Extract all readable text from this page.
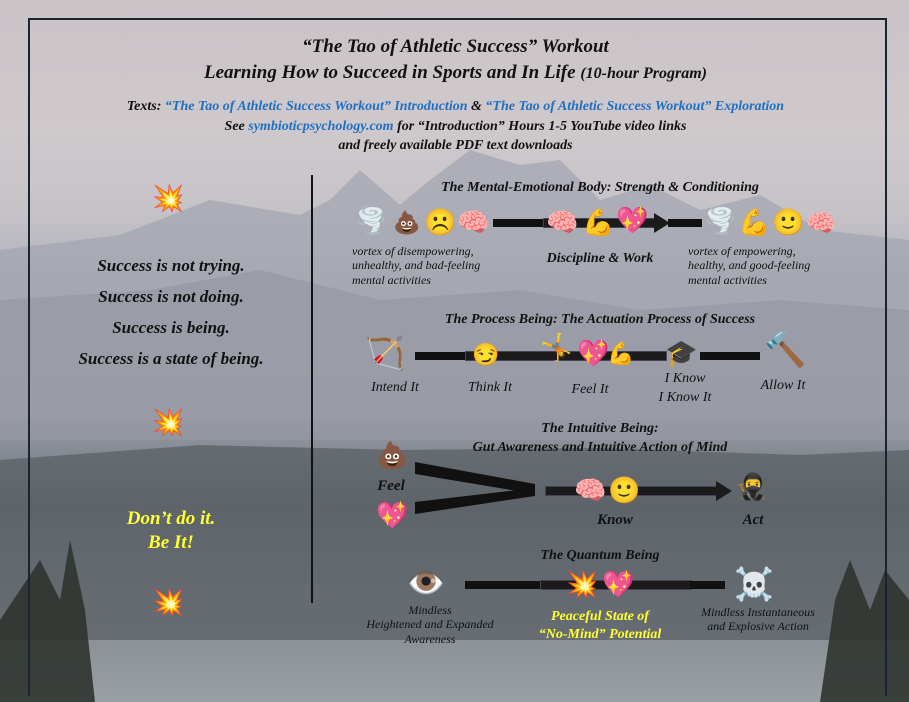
“The Tao of Athletic Success” Workout
Learning How to Succeed in Sports and In Life (10-hour Program)
Texts: “The Tao of Athletic Success Workout” Introduction & “The Tao of Athletic Success Workout” Exploration
See symbioticpsychology.com for “Introduction” Hours 1-5 YouTube video links
and freely available PDF text downloads
💥
Success is not trying.
Success is not doing.
Success is being.
Success is a state of being.
💥
Don’t do it.
Be It!
💥
The Mental-Emotional Body: Strength & Conditioning
🌪️ 💩 ☹️ 🧠 🧠 💪 💖 🌪️ 💪 🙂 🧠
vortex of disempowering,
unhealthy, and bad-feeling
mental activities
Discipline & Work	vortex of empowering,
healthy, and good-feeling
mental activities
The Process Being: The Actuation Process of Success
🏹	😏 🤸 💖
💪 🎓 🔨
Intend It	Think It	Feel It
I Know
I Know It
Allow It
The Intuitive Being:
Gut Awareness and Intuitive Action of Mind
💩
Feel
💖
🧠 🙂	🥷
Know	Act
The Quantum Being
👁️	💥 💖	☠️
Mindless
Heightened and Expanded
Awareness
Peaceful State of
“No-Mind” Potential
Mindless Instantaneous
and Explosive Action
